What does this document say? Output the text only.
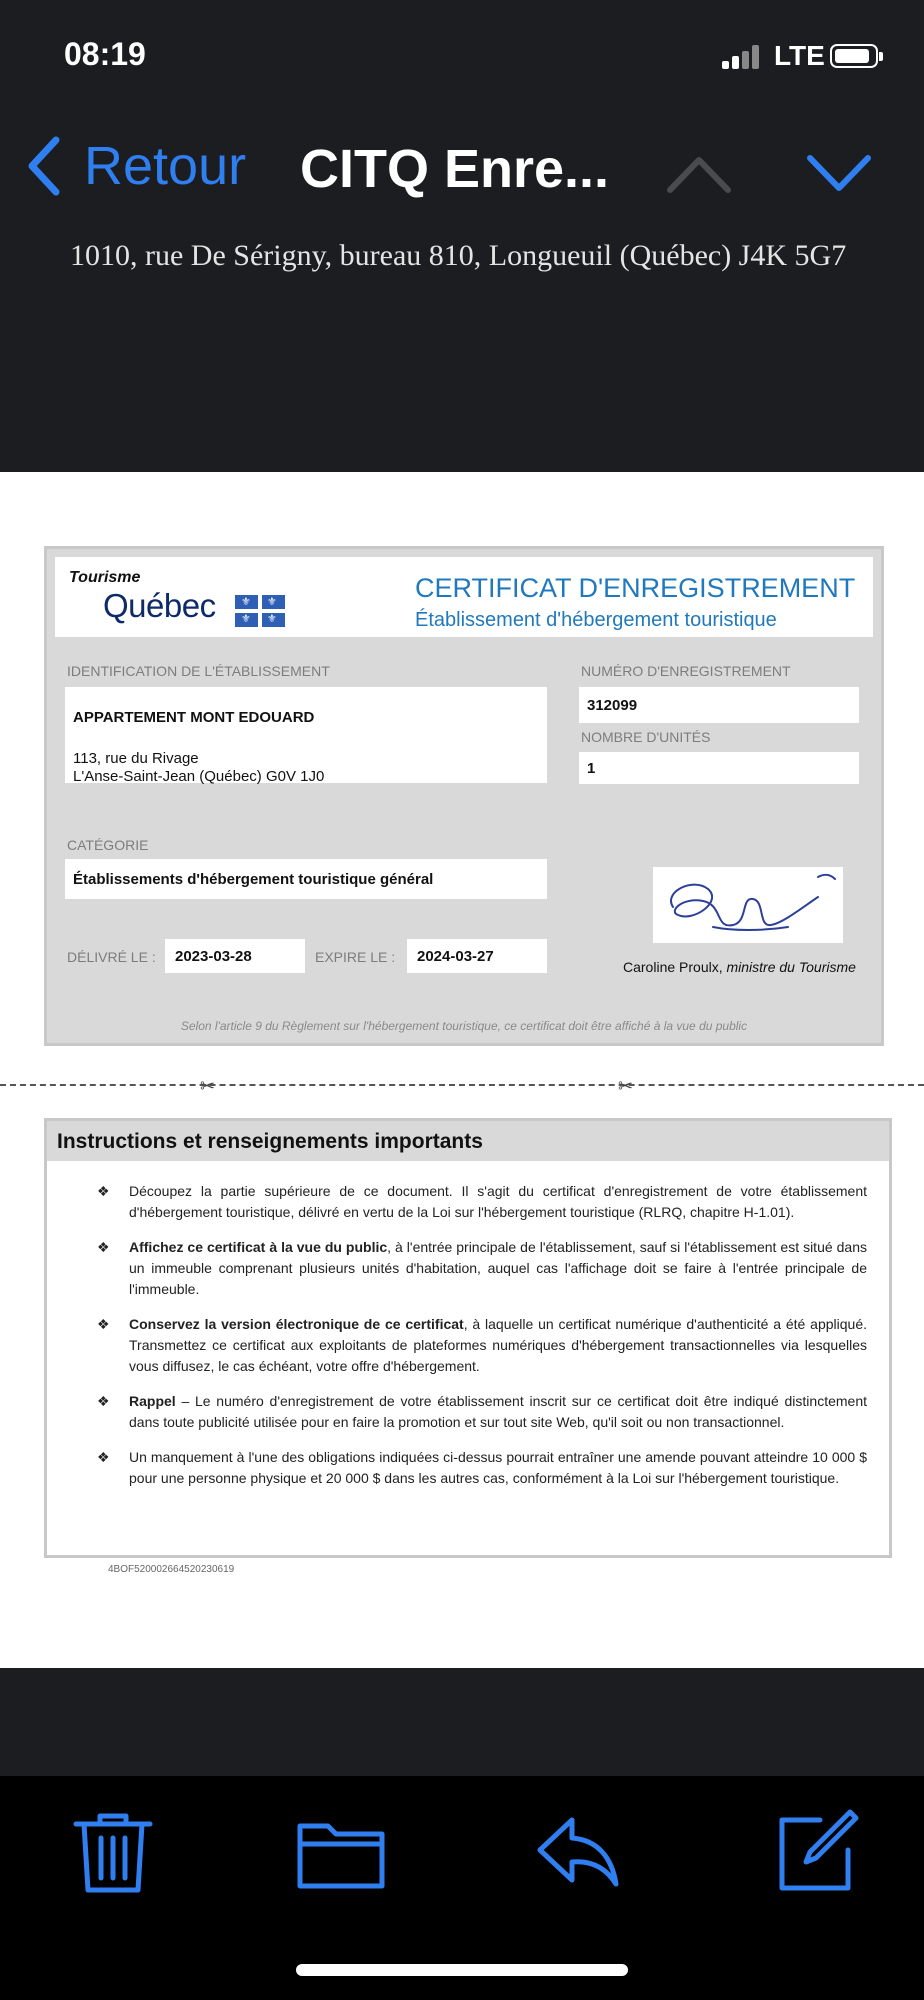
08:19	LTE
Retour CITQ Enre...
1010, rue De Sérigny, bureau 810, Longueuil (Québec) J4K 5G7
Tourisme
Québec ⚜ ⚜
⚜ ⚜
CERTIFICAT D'ENREGISTREMENT
Établissement d'hébergement touristique
IDENTIFICATION DE L'ÉTABLISSEMENT
APPARTEMENT MONT EDOUARD
113, rue du Rivage
L'Anse-Saint-Jean (Québec) G0V 1J0
NUMÉRO D'ENREGISTREMENT
312099
NOMBRE D'UNITÉS
1
CATÉGORIE
Établissements d'hébergement touristique général
DÉLIVRÉ LE : 2023-03-28	EXPIRE LE : 2024-03-27
Caroline Proulx, ministre du Tourisme
Selon l'article 9 du Règlement sur l'hébergement touristique, ce certificat doit être affiché à la vue du public
✂	✂
Instructions et renseignements importants
❖ Découpez la partie supérieure de ce document. Il s'agit du certificat d'enregistrement de votre établissement d'hébergement touristique, délivré en vertu de la Loi sur l'hébergement touristique (RLRQ, chapitre H-1.01).
❖ Affichez ce certificat à la vue du public, à l'entrée principale de l'établissement, sauf si l'établissement est situé dans un immeuble comprenant plusieurs unités d'habitation, auquel cas l'affichage doit se faire à l'entrée principale de l'immeuble.
❖ Conservez la version électronique de ce certificat, à laquelle un certificat numérique d'authenticité a été appliqué. Transmettez ce certificat aux exploitants de plateformes numériques d'hébergement transactionnelles via lesquelles vous diffusez, le cas échéant, votre offre d'hébergement.
❖ Rappel – Le numéro d'enregistrement de votre établissement inscrit sur ce certificat doit être indiqué distinctement dans toute publicité utilisée pour en faire la promotion et sur tout site Web, qu'il soit ou non transactionnel.
❖ Un manquement à l'une des obligations indiquées ci-dessus pourrait entraîner une amende pouvant atteindre 10 000 $ pour une personne physique et 20 000 $ dans les autres cas, conformément à la Loi sur l'hébergement touristique.
4BOF520002664520230619
